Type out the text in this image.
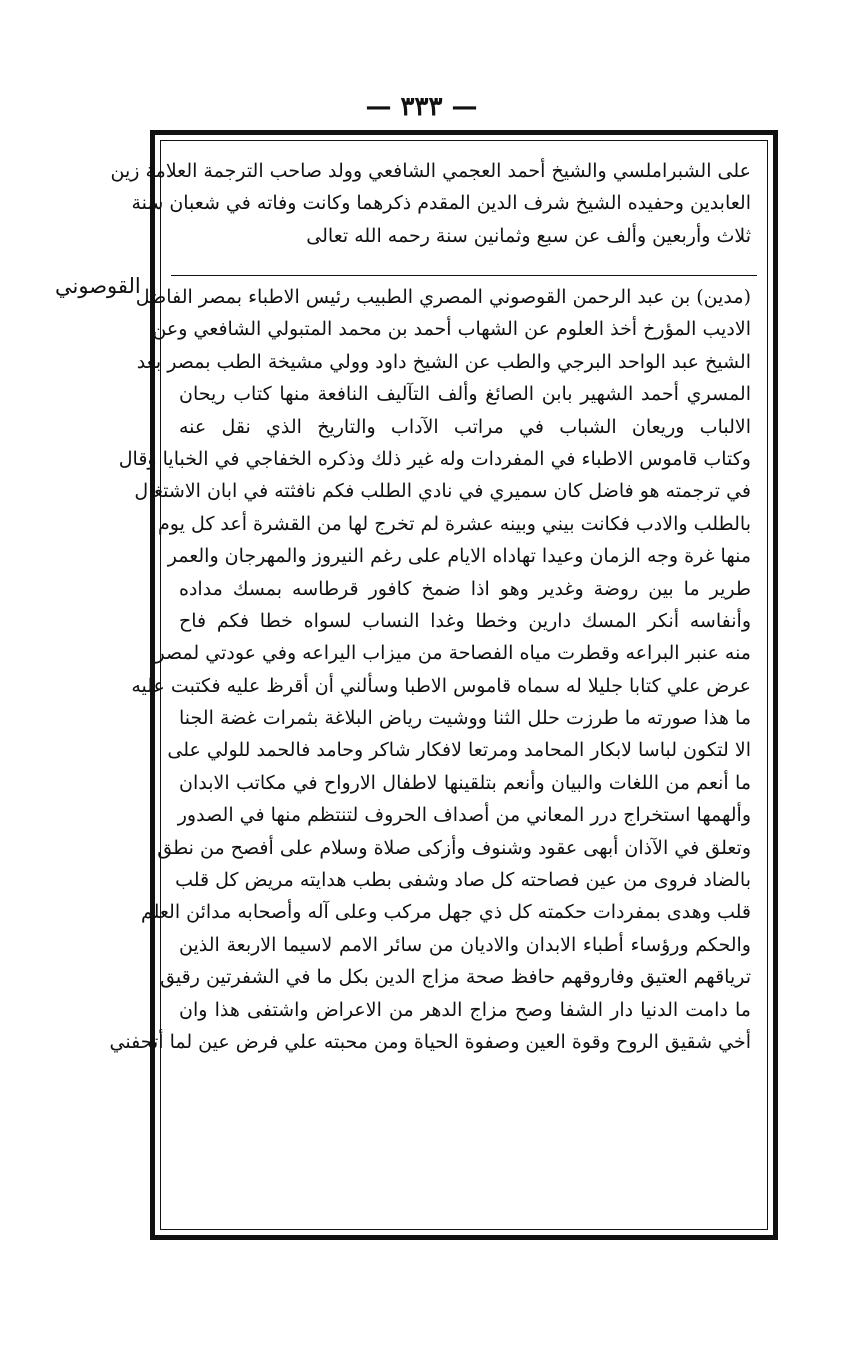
— ٣٣٣ —
القوصوني
على الشبراملسي والشيخ أحمد العجمي الشافعي وولد صاحب الترجمة العلامة زين
العابدين وحفيده الشيخ شرف الدين المقدم ذكرهما وكانت وفاته في شعبان سنة
ثلاث وأربعين وألف عن سبع وثمانين سنة رحمه الله تعالى
(مدين) بن عبد الرحمن القوصوني المصري الطبيب رئيس الاطباء بمصر الفاضل
الاديب المؤرخ أخذ العلوم عن الشهاب أحمد بن محمد المتبولي الشافعي وعن
الشيخ عبد الواحد البرجي والطب عن الشيخ داود وولي مشيخة الطب بمصر بعد
المسري أحمد الشهير بابن الصائغ وألف التآليف النافعة منها كتاب ريحان
الالباب وريعان الشباب في مراتب الآداب والتاريخ الذي نقل عنه
وكتاب قاموس الاطباء في المفردات وله غير ذلك وذكره الخفاجي في الخبايا وقال
في ترجمته هو فاضل كان سميري في نادي الطلب فكم نافثته في ابان الاشتغال
بالطلب والادب فكانت بيني وبينه عشرة لم تخرج لها من القشرة أعد كل يوم
منها غرة وجه الزمان وعيدا تهاداه الايام على رغم النيروز والمهرجان والعمر
طرير ما بين روضة وغدير وهو اذا ضمخ كافور قرطاسه بمسك مداده
وأنفاسه أنكر المسك دارين وخطا وغدا النساب لسواه خطا فكم فاح
منه عنبر البراعه وقطرت مياه الفصاحة من ميزاب اليراعه وفي عودتي لمصر
عرض علي كتابا جليلا له سماه قاموس الاطبا وسألني أن أقرظ عليه فكتبت عليه
ما هذا صورته ما طرزت حلل الثنا ووشيت رياض البلاغة بثمرات غضة الجنا
الا لتكون لباسا لابكار المحامد ومرتعا لافكار شاكر وحامد فالحمد للولي على
ما أنعم من اللغات والبيان وأنعم بتلقينها لاطفال الارواح في مكاتب الابدان
وألهمها استخراج درر المعاني من أصداف الحروف لتنتظم منها في الصدور
وتعلق في الآذان أبهى عقود وشنوف وأزكى صلاة وسلام على أفصح من نطق
بالضاد فروى من عين فصاحته كل صاد وشفى بطب هدايته مريض كل قلب
قلب وهدى بمفردات حكمته كل ذي جهل مركب وعلى آله وأصحابه مدائن العلم
والحكم ورؤساء أطباء الابدان والاديان من سائر الامم لاسيما الاربعة الذين
ترياقهم العتيق وفاروقهم حافظ صحة مزاج الدين بكل ما في الشفرتين رقيق
ما دامت الدنيا دار الشفا وصح مزاج الدهر من الاعراض واشتفى هذا وان
أخي شقيق الروح وقوة العين وصفوة الحياة ومن محبته علي فرض عين لما أتحفني
